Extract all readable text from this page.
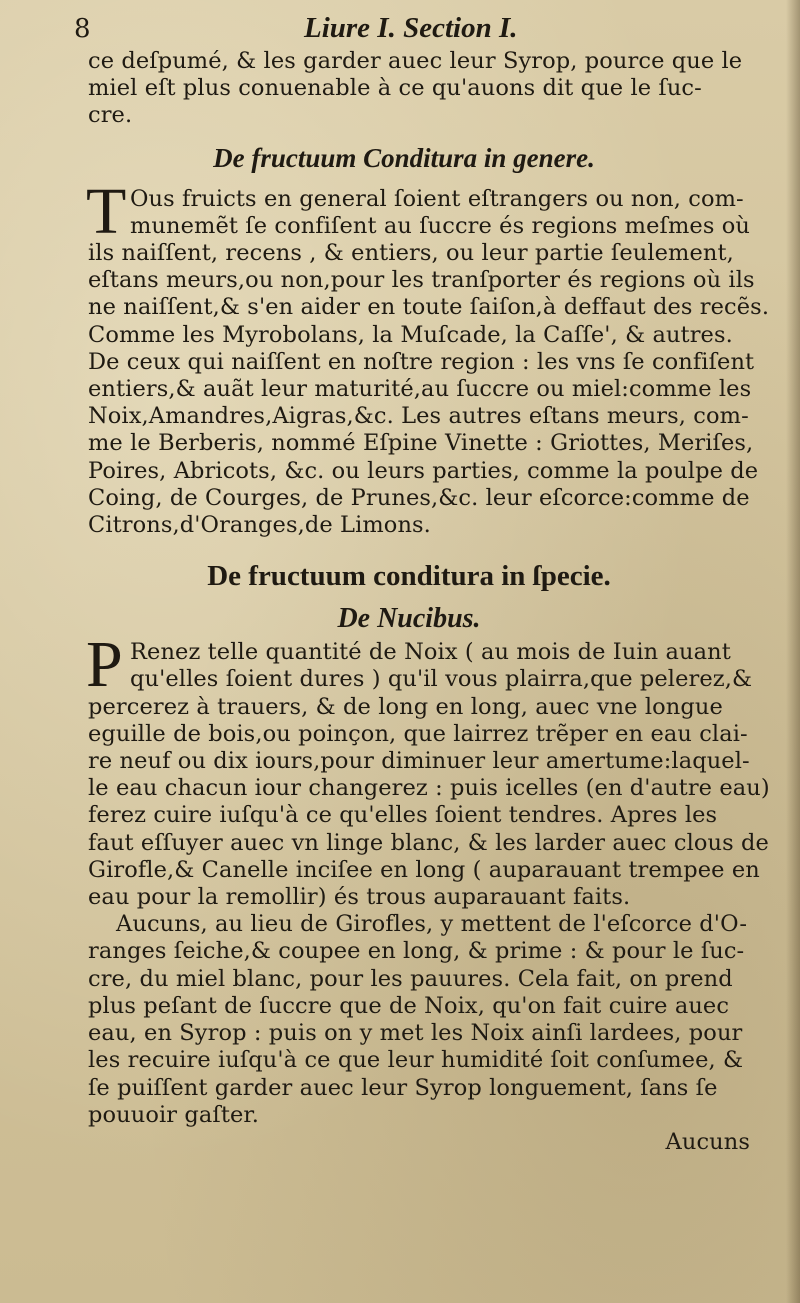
8	Liure I. Section I.
ce deſpumé, & les garder auec leur Syrop, pource que le
miel eſt plus conuenable à ce qu'auons dit que le ſuc-
cre.
De fructuum Conditura in genere.
T Ous fruicts en general ſoient eſtrangers ou non, com-
munemẽt ſe confiſent au ſuccre és regions meſmes où
ils naiſſent, recens , & entiers, ou leur partie ſeulement,
eſtans meurs,ou non,pour les tranſporter és regions où ils
ne naiſſent,& s'en aider en toute ſaiſon,à deffaut des recẽs.
Comme les Myrobolans, la Muſcade, la Caſſe', & autres.
De ceux qui naiſſent en noſtre region : les vns ſe confiſent
entiers,& auãt leur maturité,au ſuccre ou miel:comme les
Noix,Amandres,Aigras,&c. Les autres eſtans meurs, com-
me le Berberis, nommé Eſpine Vinette : Griottes, Meriſes,
Poires, Abricots, &c. ou leurs parties, comme la poulpe de
Coing, de Courges, de Prunes,&c. leur eſcorce:comme de
Citrons,d'Oranges,de Limons.
De fructuum conditura in ſpecie.
De Nucibus.
P Renez telle quantité de Noix ( au mois de Iuin auant
qu'elles ſoient dures ) qu'il vous plairra,que pelerez,&
percerez à trauers, & de long en long, auec vne longue
eguille de bois,ou poinçon, que lairrez trẽper en eau clai-
re neuf ou dix iours,pour diminuer leur amertume:laquel-
le eau chacun iour changerez : puis icelles (en d'autre eau)
ferez cuire iuſqu'à ce qu'elles ſoient tendres. Apres les
faut eſſuyer auec vn linge blanc, & les larder auec clous de
Girofle,& Canelle inciſee en long ( auparauant trempee en
eau pour la remollir) és trous auparauant faits.
Aucuns, au lieu de Girofles, y mettent de l'eſcorce d'O-
ranges ſeiche,& coupee en long, & prime : & pour le ſuc-
cre, du miel blanc, pour les pauures. Cela fait, on prend
plus peſant de ſuccre que de Noix, qu'on fait cuire auec
eau, en Syrop : puis on y met les Noix ainſi lardees, pour
les recuire iuſqu'à ce que leur humidité ſoit conſumee, &
ſe puiſſent garder auec leur Syrop longuement, ſans ſe
pouuoir gaſter.
Aucuns
